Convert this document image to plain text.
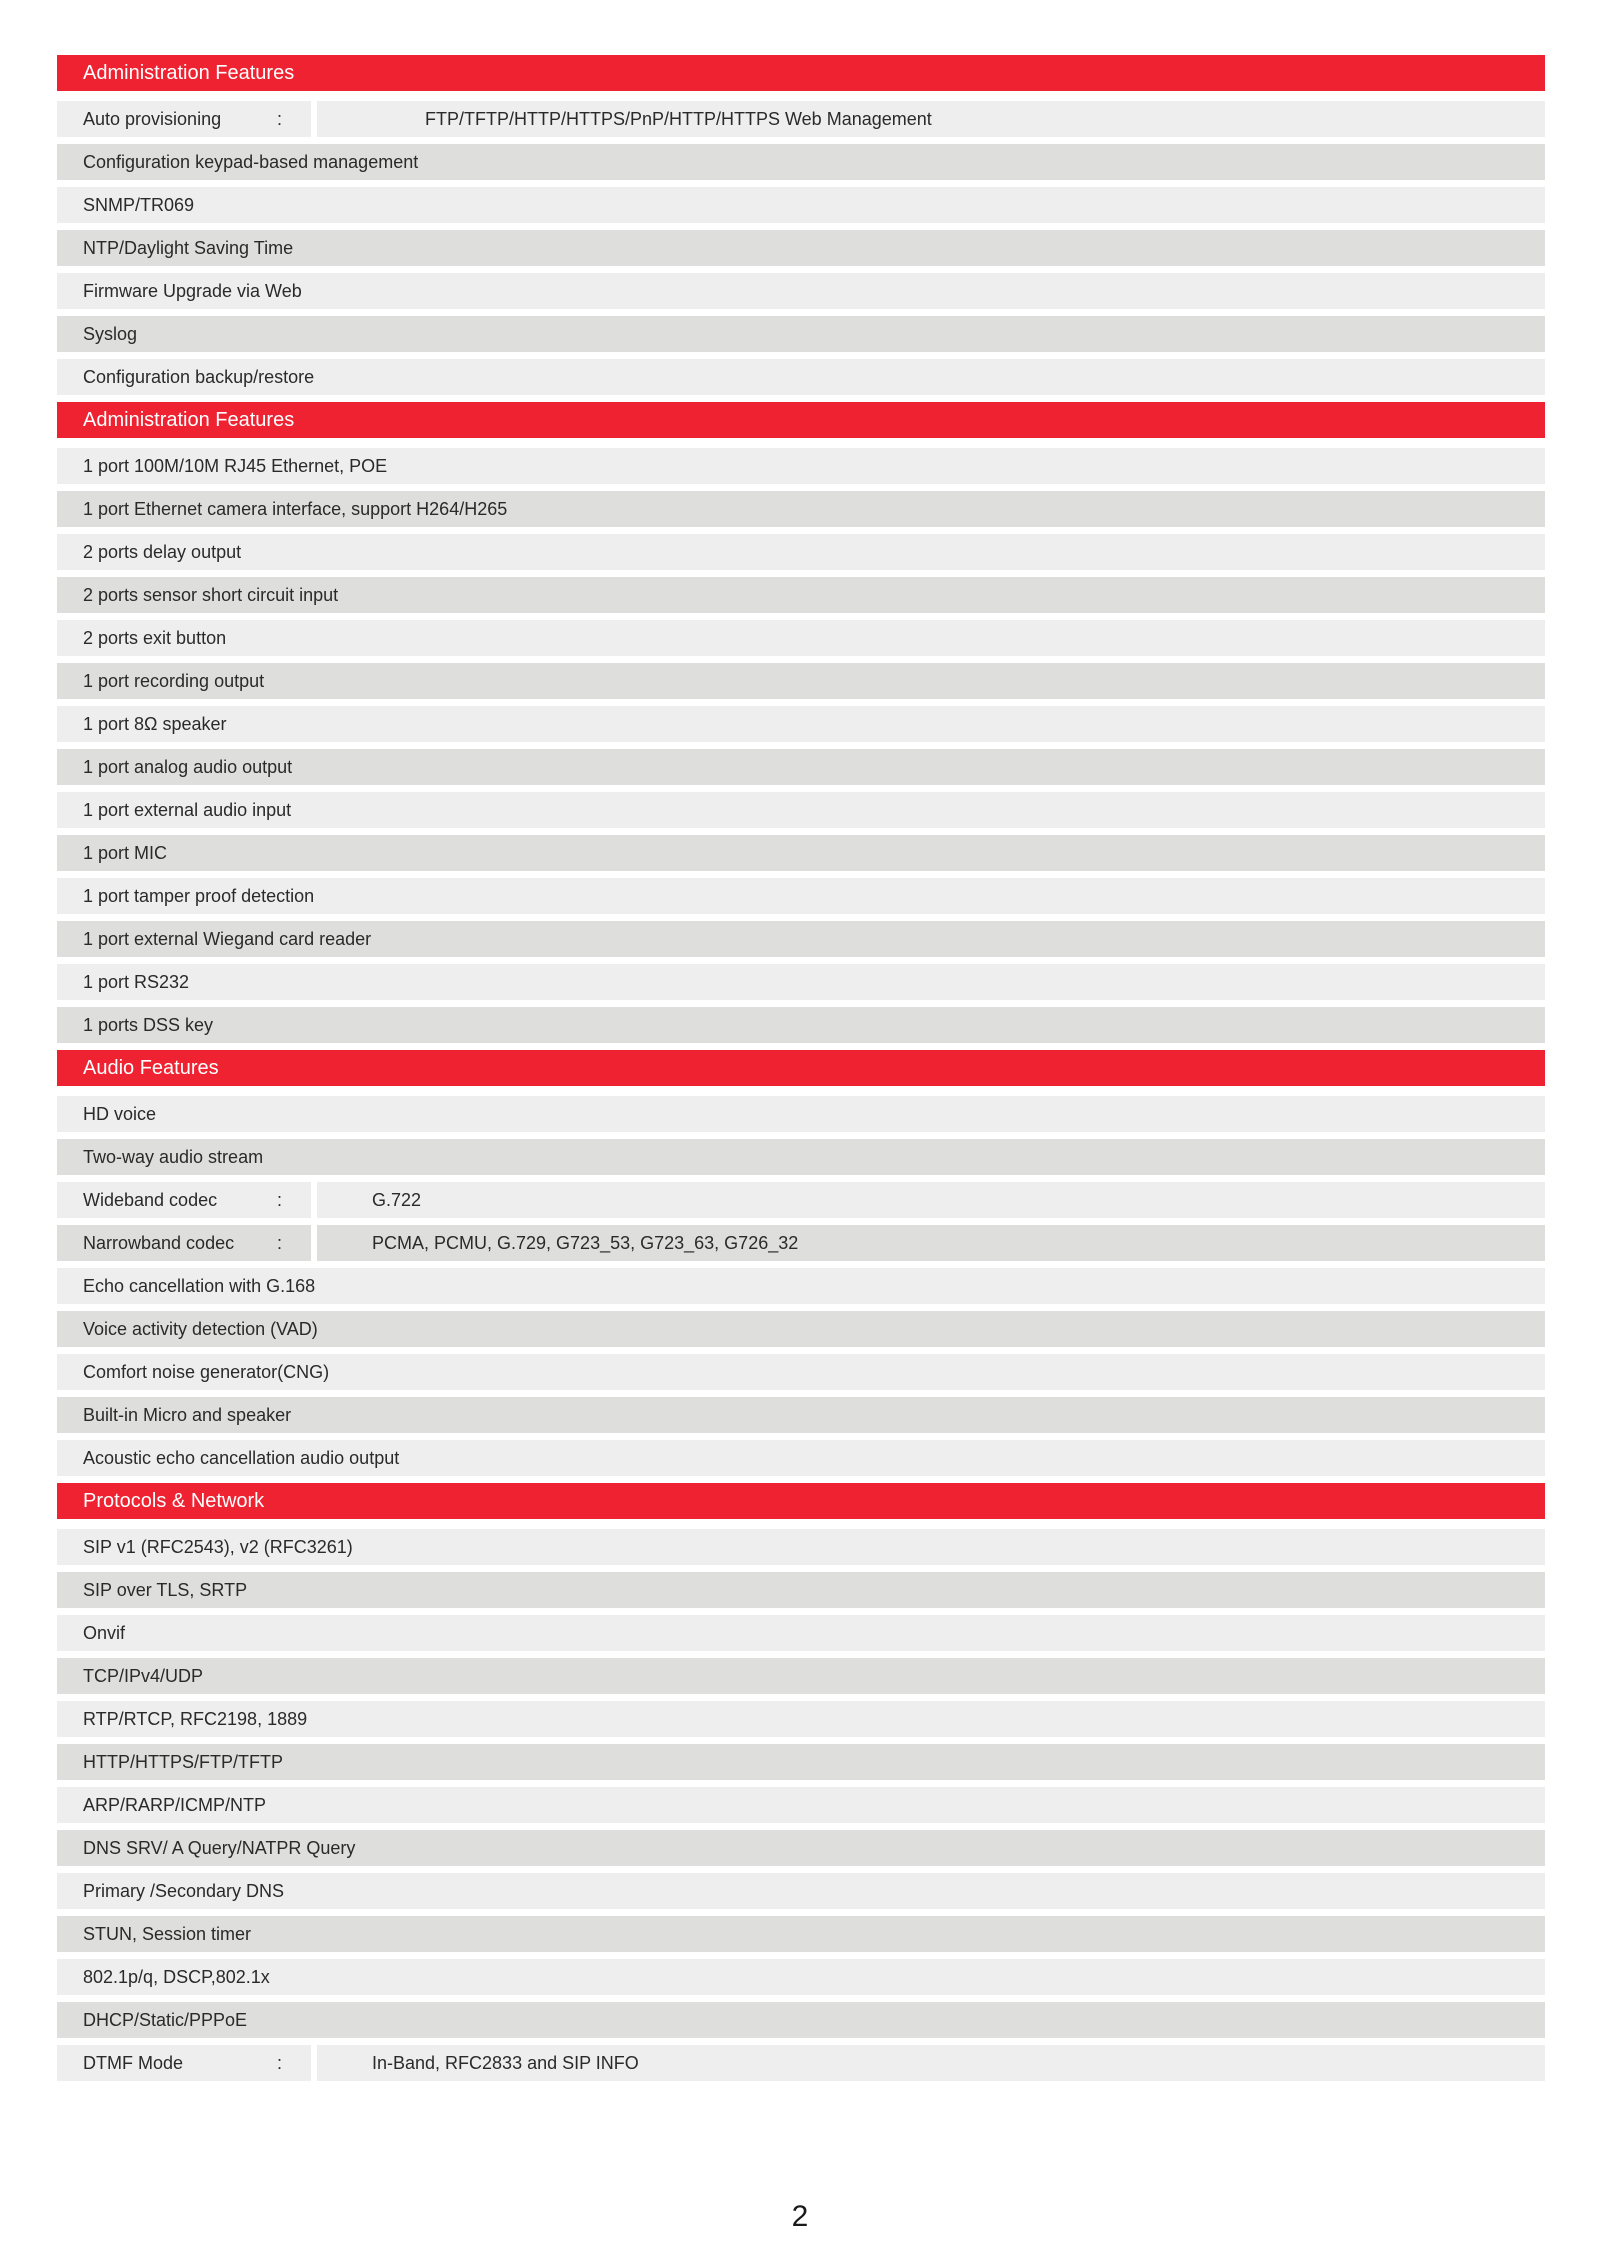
Administration Features
Auto provisioning	:	FTP/TFTP/HTTP/HTTPS/PnP/HTTP/HTTPS Web Management
Configuration keypad-based management
SNMP/TR069
NTP/Daylight Saving Time
Firmware Upgrade via Web
Syslog
Configuration backup/restore
Administration Features
1 port 100M/10M RJ45 Ethernet, POE
1 port Ethernet camera interface, support H264/H265
2 ports delay output
2 ports sensor short circuit input
2 ports exit button
1 port recording output
1 port 8Ω speaker
1 port analog audio output
1 port external audio input
1 port MIC
1 port tamper proof detection
1 port external Wiegand card reader
1 port RS232
1 ports DSS key
Audio Features
HD voice
Two-way audio stream
Wideband codec	:	G.722
Narrowband codec :	PCMA, PCMU, G.729, G723_53, G723_63, G726_32
Echo cancellation with G.168
Voice activity detection (VAD)
Comfort noise generator(CNG)
Built-in Micro and speaker
Acoustic echo cancellation audio output
Protocols & Network
SIP v1 (RFC2543), v2 (RFC3261)
SIP over TLS, SRTP
Onvif
TCP/IPv4/UDP
RTP/RTCP, RFC2198, 1889
HTTP/HTTPS/FTP/TFTP
ARP/RARP/ICMP/NTP
DNS SRV/ A Query/NATPR Query
Primary /Secondary DNS
STUN, Session timer
802.1p/q, DSCP,802.1x
DHCP/Static/PPPoE
DTMF Mode	:	In-Band, RFC2833 and SIP INFO
2
